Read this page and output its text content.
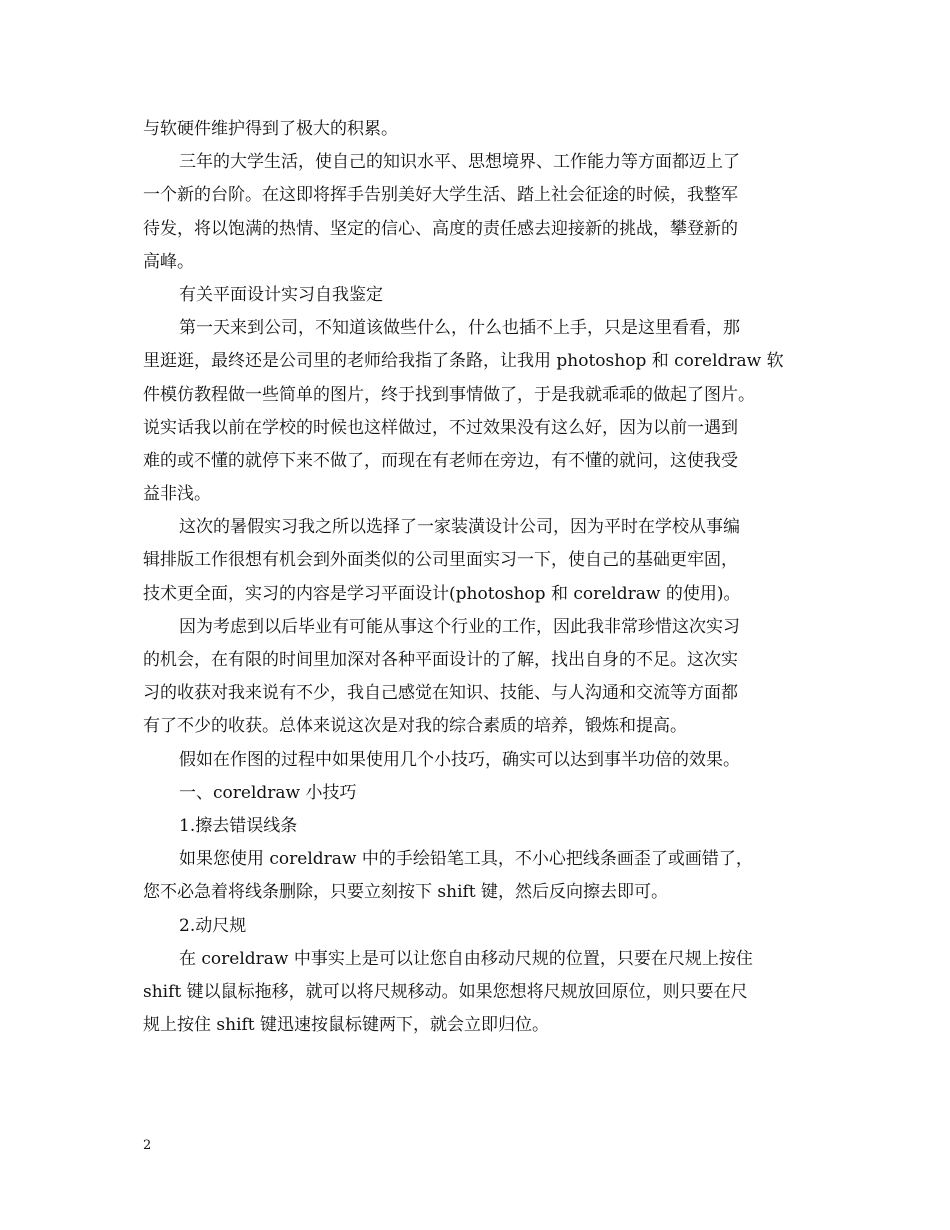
与软硬件维护得到了极大的积累。
三年的大学生活，使自己的知识水平、思想境界、工作能力等方面都迈上了
一个新的台阶。在这即将挥手告别美好大学生活、踏上社会征途的时候，我整军
待发，将以饱满的热情、坚定的信心、高度的责任感去迎接新的挑战，攀登新的
高峰。
有关平面设计实习自我鉴定
第一天来到公司，不知道该做些什么，什么也插不上手，只是这里看看，那
里逛逛，最终还是公司里的老师给我指了条路，让我用 photoshop 和 coreldraw 软
件模仿教程做一些简单的图片，终于找到事情做了，于是我就乖乖的做起了图片。
说实话我以前在学校的时候也这样做过，不过效果没有这么好，因为以前一遇到
难的或不懂的就停下来不做了，而现在有老师在旁边，有不懂的就问，这使我受
益非浅。
这次的暑假实习我之所以选择了一家装潢设计公司，因为平时在学校从事编
辑排版工作很想有机会到外面类似的公司里面实习一下，使自己的基础更牢固，
技术更全面，实习的内容是学习平面设计(photoshop 和 coreldraw 的使用)。
因为考虑到以后毕业有可能从事这个行业的工作，因此我非常珍惜这次实习
的机会，在有限的时间里加深对各种平面设计的了解，找出自身的不足。这次实
习的收获对我来说有不少，我自己感觉在知识、技能、与人沟通和交流等方面都
有了不少的收获。总体来说这次是对我的综合素质的培养，锻炼和提高。
假如在作图的过程中如果使用几个小技巧，确实可以达到事半功倍的效果。
一、coreldraw 小技巧
1.擦去错误线条
如果您使用 coreldraw 中的手绘铅笔工具，不小心把线条画歪了或画错了，
您不必急着将线条删除，只要立刻按下 shift 键，然后反向擦去即可。
2.动尺规
在 coreldraw 中事实上是可以让您自由移动尺规的位置，只要在尺规上按住
shift 键以鼠标拖移，就可以将尺规移动。如果您想将尺规放回原位，则只要在尺
规上按住 shift 键迅速按鼠标键两下，就会立即归位。
2
